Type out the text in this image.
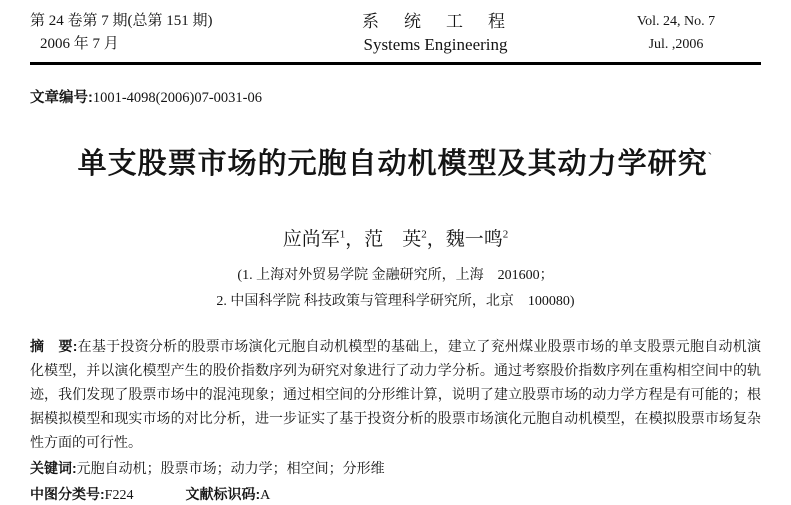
第 24 卷第 7 期(总第 151 期)
2006 年 7 月
系　统　工　程
Systems Engineering
Vol. 24, No. 7
Jul. ,2006
文章编号:1001-4098(2006)07-0031-06
单支股票市场的元胞自动机模型及其动力学研究`
应尚军$^1$，范　英$^2$，魏一鸣$^2$
(1. 上海对外贸易学院 金融研究所，上海　201600；
2. 中国科学院 科技政策与管理科学研究所，北京　100080)

摘　要:在基于投资分析的股票市场演化元胞自动机模型的基础上，建立了兖州煤业股票市场的单支股票元胞自动机演化模型，并以演化模型产生的股价指数序列为研究对象进行了动力学分析。通过考察股价指数序列在重构相空间中的轨迹，我们发现了股票市场中的混沌现象；通过相空间的分形维计算，说明了建立股票市场的动力学方程是有可能的；根据模拟模型和现实市场的对比分析，进一步证实了基于投资分析的股票市场演化元胞自动机模型，在模拟股票市场复杂性方面的可行性。

关键词:元胞自动机；股票市场；动力学；相空间；分形维

中图分类号:F224	文献标识码:A
